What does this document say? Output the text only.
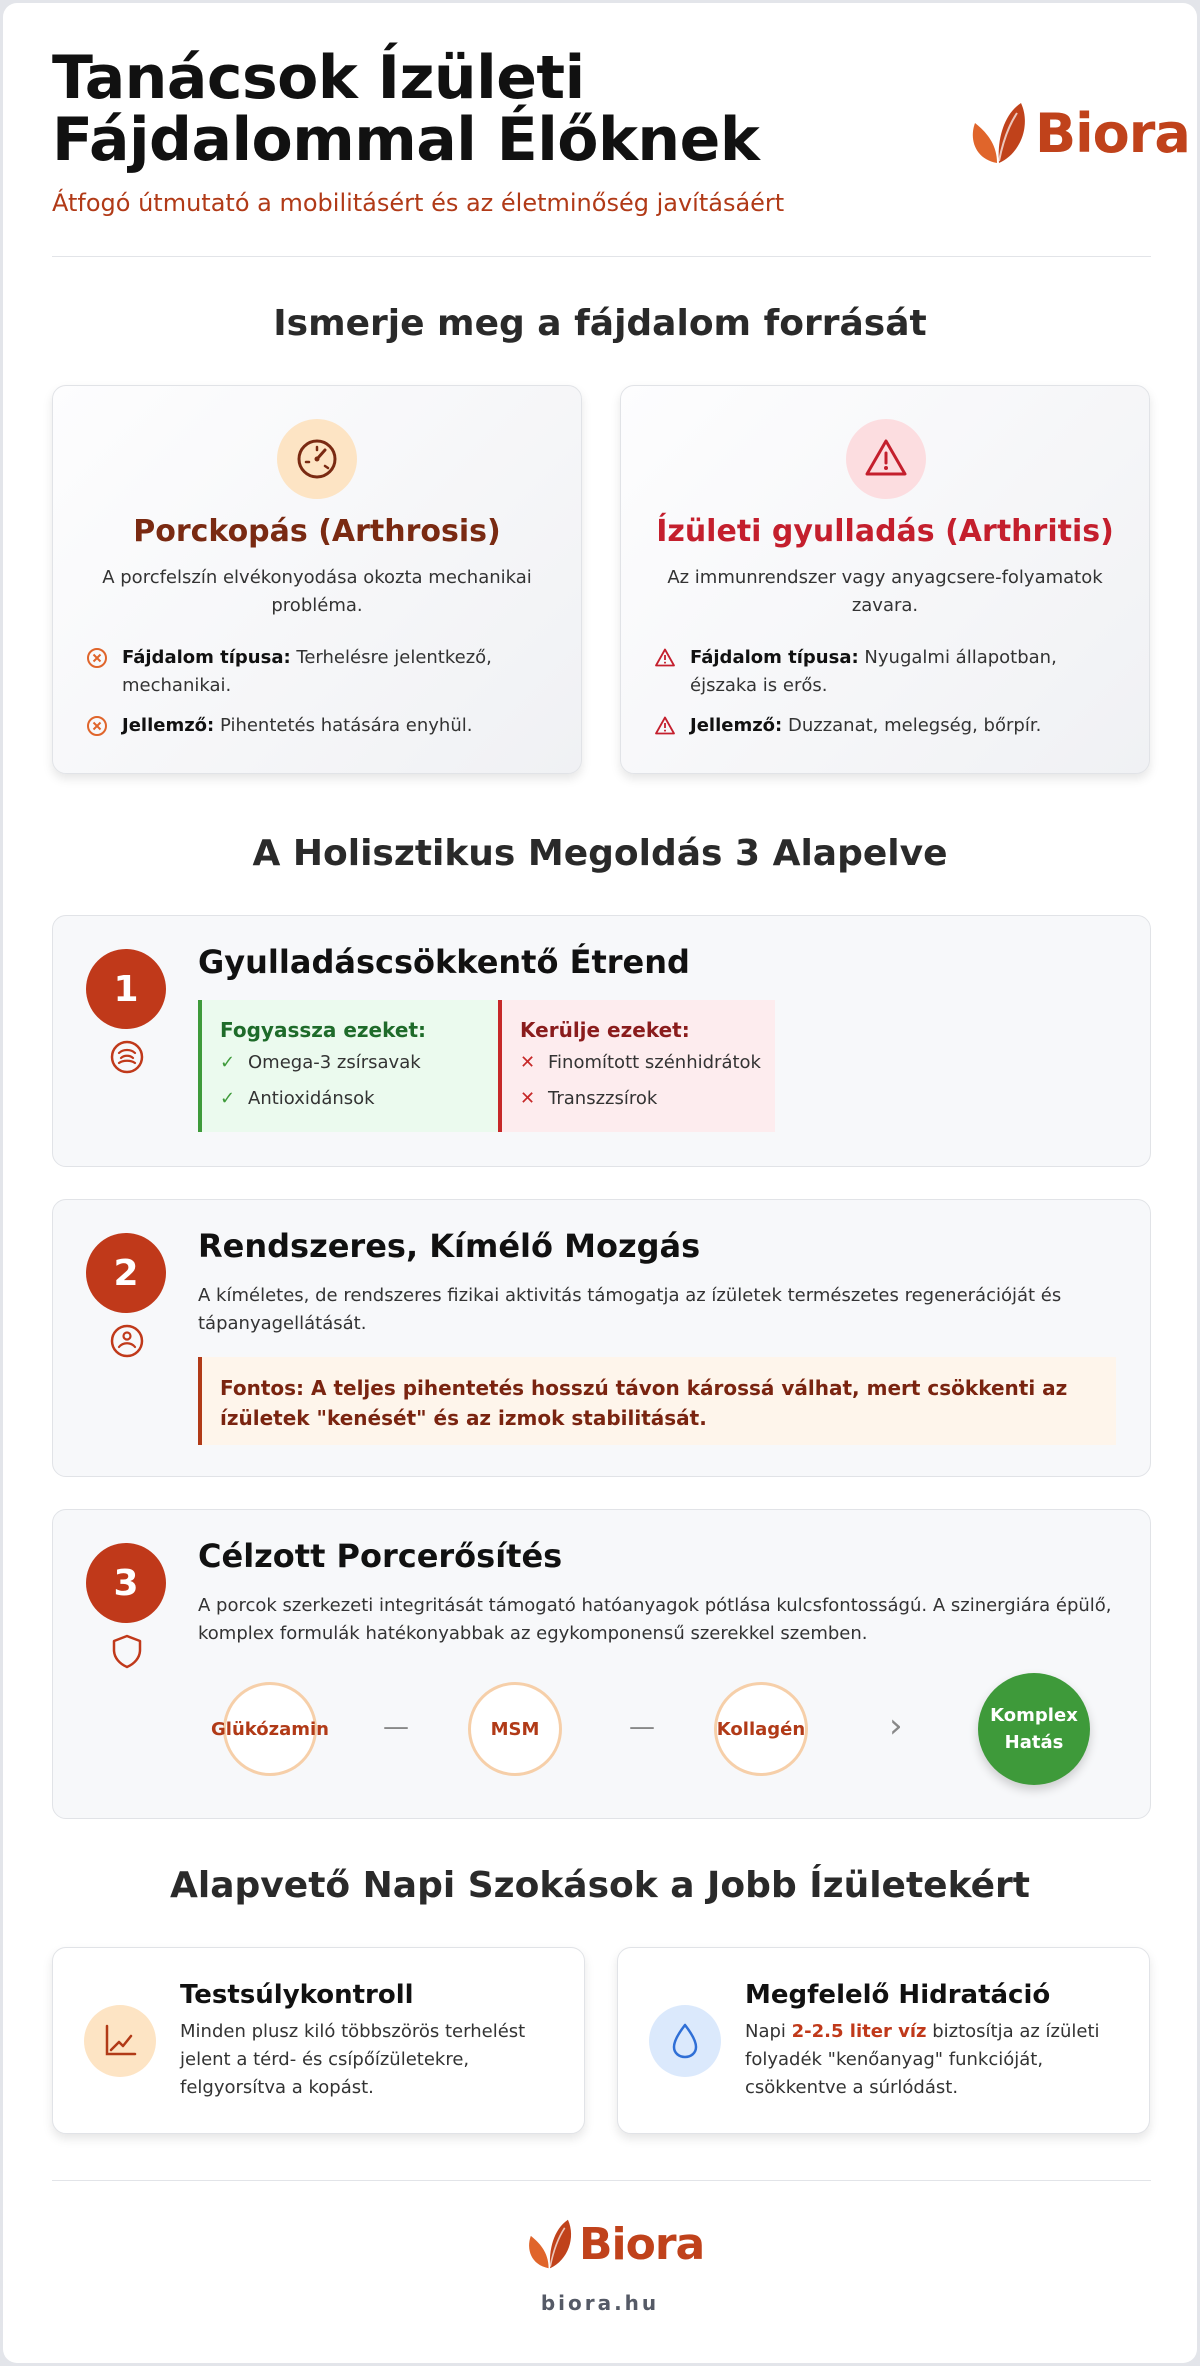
Tanácsok Ízületi
Fájdalommal Élőknek
Átfogó útmutató a mobilitásért és az életminőség javításáért
Biora
Ismerje meg a fájdalom forrását
Porckopás (Arthrosis)
A porcfelszín elvékonyodása okozta mechanikai probléma.
Fájdalom típusa: Terhelésre jelentkező, mechanikai.
Jellemző: Pihentetés hatására enyhül.
Ízületi gyulladás (Arthritis)
Az immunrendszer vagy anyagcsere-folyamatok zavara.
Fájdalom típusa: Nyugalmi állapotban, éjszaka is erős.
Jellemző: Duzzanat, melegség, bőrpír.
A Holisztikus Megoldás 3 Alapelve
1
Gyulladáscsökkentő Étrend
Fogyassza ezeket:
✓ Omega-3 zsírsavak
✓ Antioxidánsok
Kerülje ezeket:
✕ Finomított szénhidrátok
✕ Transzzsírok
2
Rendszeres, Kímélő Mozgás
A kíméletes, de rendszeres fizikai aktivitás támogatja az ízületek természetes regenerációját és tápanyagellátását.
Fontos: A teljes pihentetés hosszú távon károssá válhat, mert csökkenti az ízületek "kenését" és az izmok stabilitását.
3
Célzott Porcerősítés
A porcok szerkezeti integritását támogató hatóanyagok pótlása kulcsfontosságú. A szinergiára épülő, komplex formulák hatékonyabbak az egykomponensű szerekkel szemben.
Glükózamin —	MSM	—	Kollagén ›	Komplex Hatás
Alapvető Napi Szokások a Jobb Ízületekért
Testsúlykontroll
Minden plusz kiló többszörös terhelést jelent a térd- és csípőízületekre, felgyorsítva a kopást.
Megfelelő Hidratáció
Napi 2-2.5 liter víz biztosítja az ízületi folyadék "kenőanyag" funkcióját, csökkentve a súrlódást.
Biora
biora.hu
